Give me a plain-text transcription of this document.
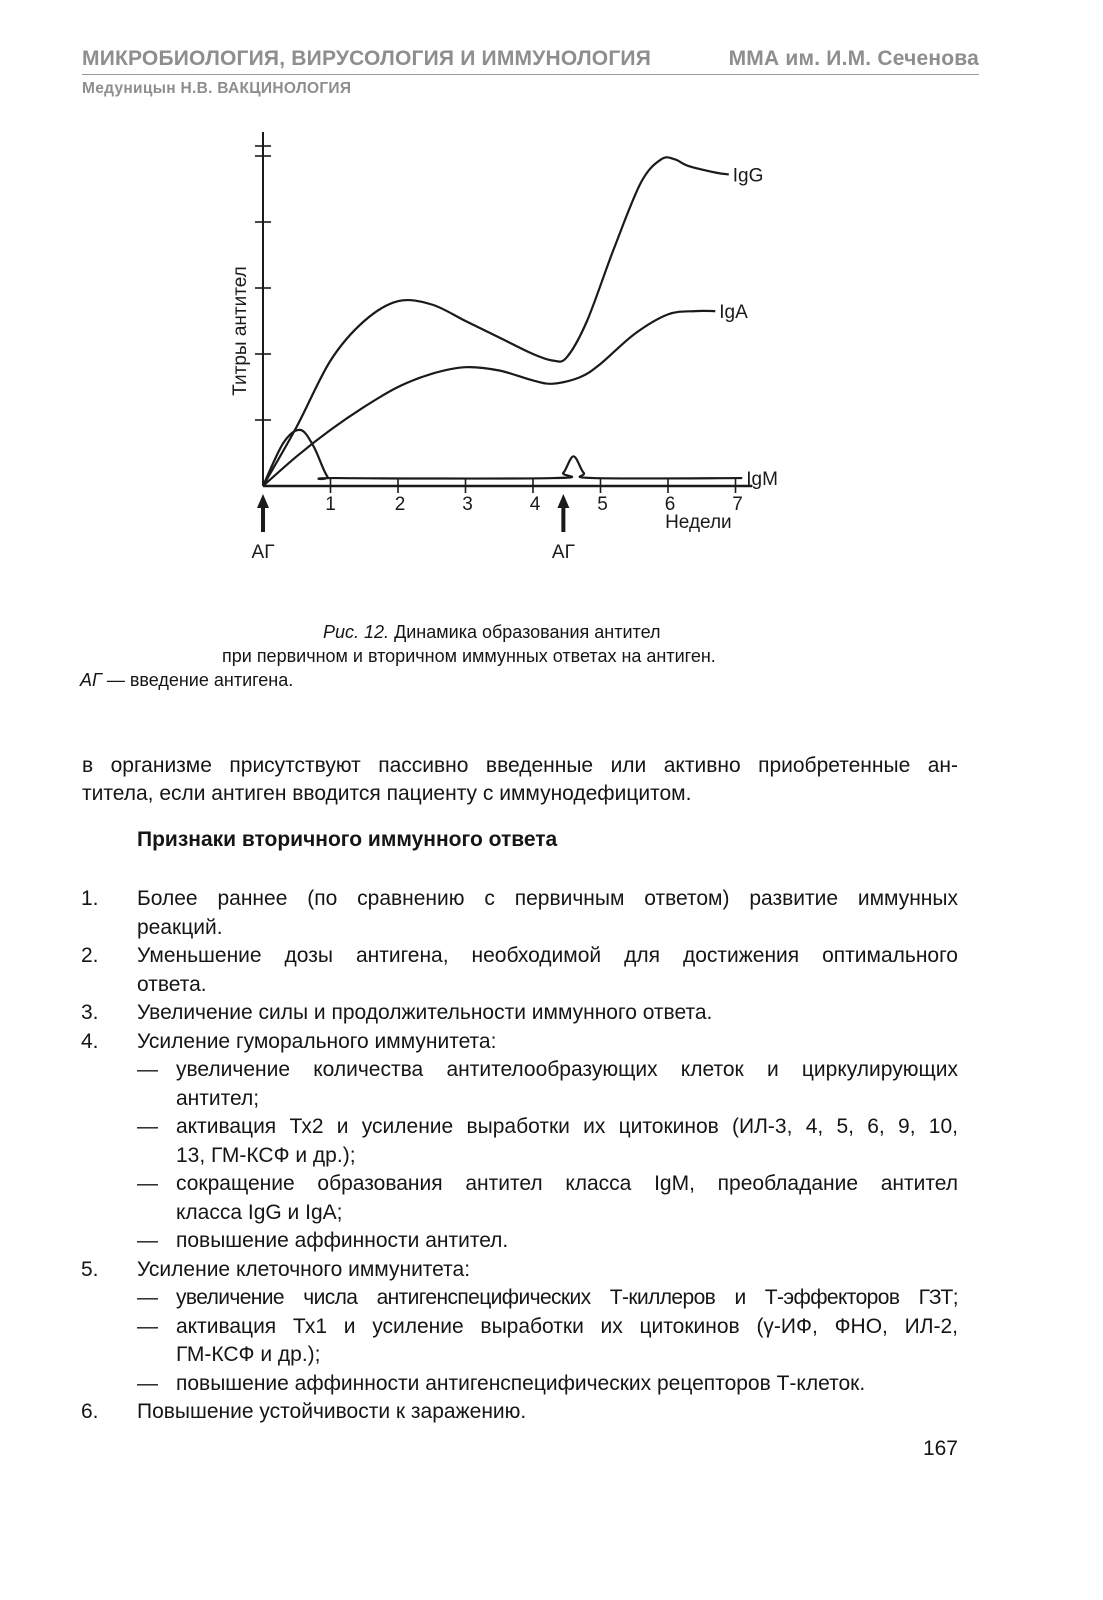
МИКРОБИОЛОГИЯ, ВИРУСОЛОГИЯ И ИММУНОЛОГИЯ	ММА им. И.М. Сеченова
Медуницын Н.В. ВАКЦИНОЛОГИЯ
1	2	3	4	5	6	7
Титры антител
Недели
АГ	АГ
IgG
IgA
IgM
Рис. 12. Динамика образования антител
при первичном и вторичном иммунных ответах на антиген.
АГ — введение антигена.
в организме присутствуют пассивно введенные или активно приобретенные ан-
титела, если антиген вводится пациенту с иммунодефицитом.
Признаки вторичного иммунного ответа
1. Более раннее (по сравнению с первичным ответом) развитие иммунных
реакций.
2. Уменьшение дозы антигена, необходимой для достижения оптимального
ответа.
3. Увеличение силы и продолжительности иммунного ответа.
4. Усиление гуморального иммунитета:
— увеличение количества антителообразующих клеток и циркулирующих
антител;
— активация Тх2 и усиление выработки их цитокинов (ИЛ-3, 4, 5, 6, 9, 10,
13, ГМ-КСФ и др.);
— сокращение образования антител класса IgM, преобладание антител
класса IgG и IgA;
— повышение аффинности антител.
5. Усиление клеточного иммунитета:
— увеличение числа антигенспецифических Т-киллеров и Т-эффекторов ГЗТ;
— активация Тх1 и усиление выработки их цитокинов (γ-ИФ, ФНО, ИЛ-2,
ГМ-КСФ и др.);
— повышение аффинности антигенспецифических рецепторов Т-клеток.
6. Повышение устойчивости к заражению.
167
